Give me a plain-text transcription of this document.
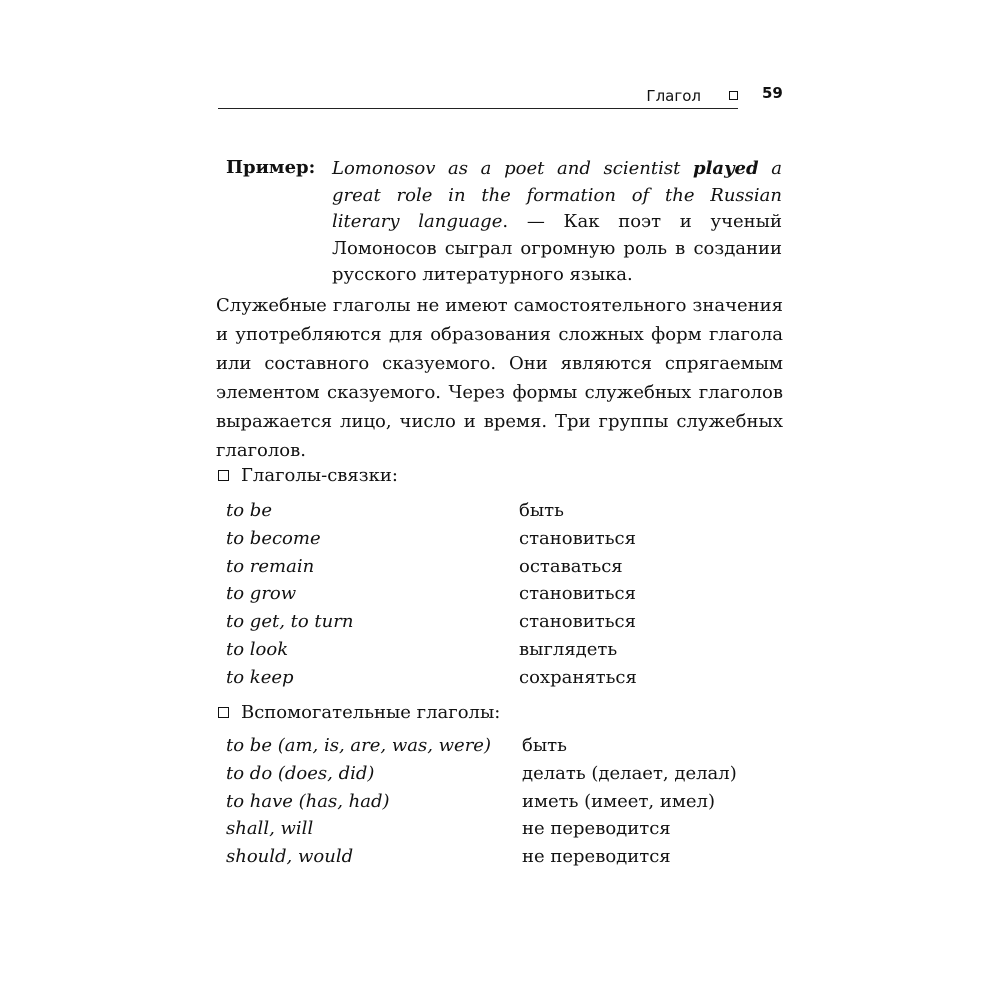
Глагол	59
Пример: Lomonosov as a poet and scientist played a great role in the formation of the Russian literary language. — Как поэт и ученый Ломоносов сыграл огромную роль в создании русского литературного языка.
Служебные глаголы не имеют самостоятельного значения и употребляются для образования сложных форм глагола или составного сказуемого. Они являются спрягаемым элементом сказуемого. Через формы служебных глаголов выражается лицо, число и время. Три группы служебных глаголов.
Глаголы-связки:
to be	быть
to become	становиться
to remain	оставаться
to grow	становиться
to get, to turn	становиться
to look	выглядеть
to keep	сохраняться
Вспомогательные глаголы:
to be (am, is, are, was, were) быть
to do (does, did)	делать (делает, делал)
to have (has, had)	иметь (имеет, имел)
shall, will	не переводится
should, would	не переводится
